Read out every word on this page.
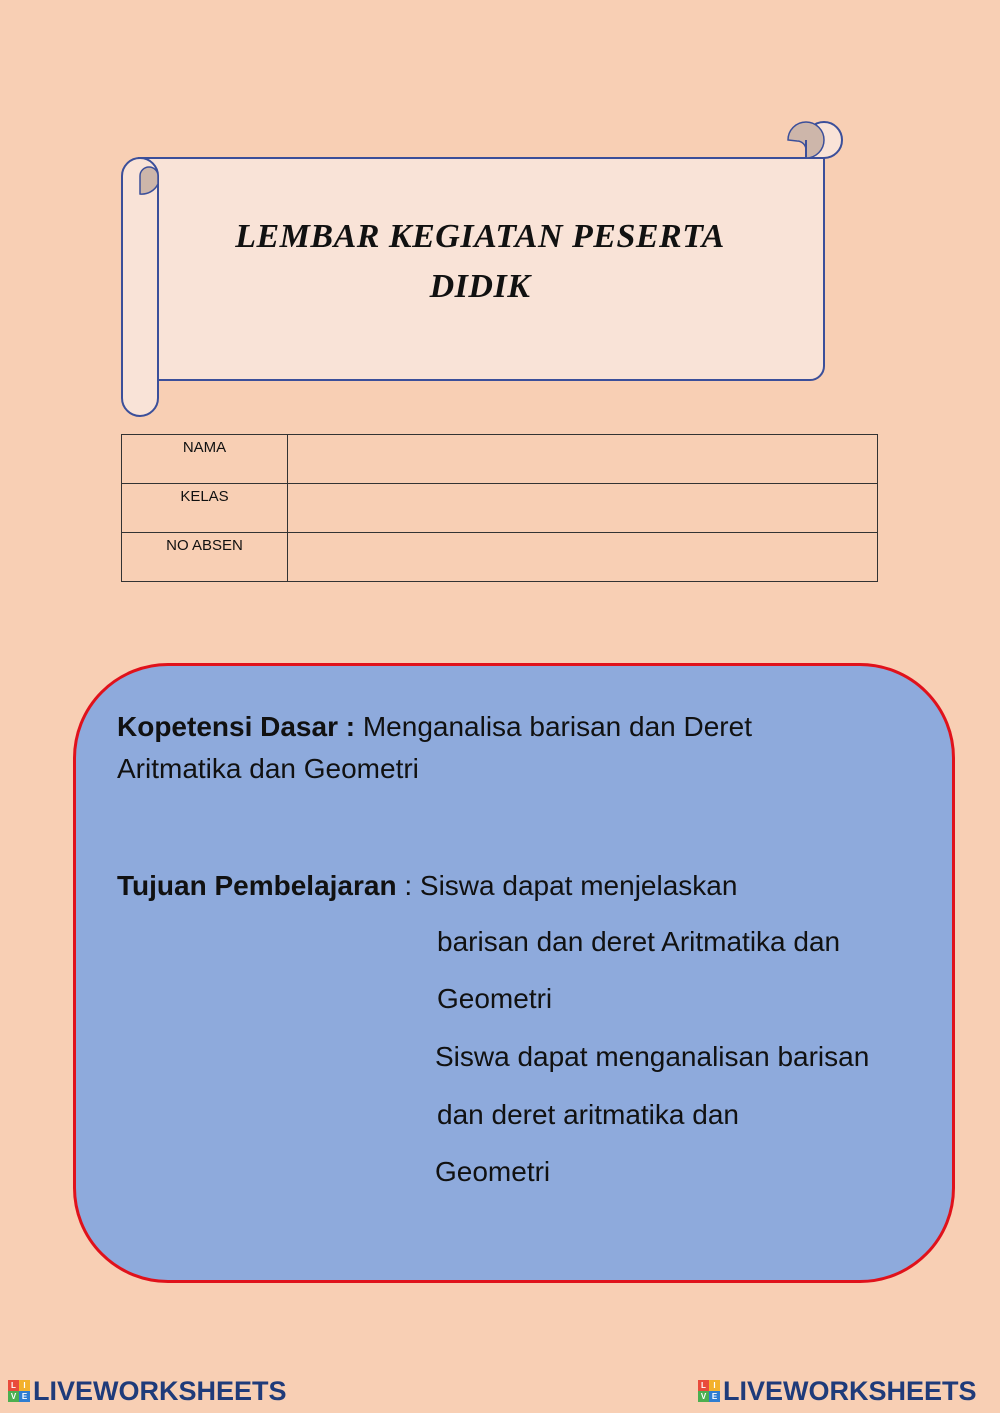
LEMBAR KEGIATAN PESERTA
DIDIK
NAMA	
KELAS	
NO ABSEN	
Kopetensi Dasar : Menganalisa barisan dan Deret Aritmatika dan Geometri
Tujuan Pembelajaran : Siswa dapat menjelaskan
barisan dan deret Aritmatika dan
Geometri
Siswa dapat menganalisan barisan
dan deret aritmatika dan
Geometri
L I
V E LIVEWORKSHEETS	L I
V E LIVEWORKSHEETS
